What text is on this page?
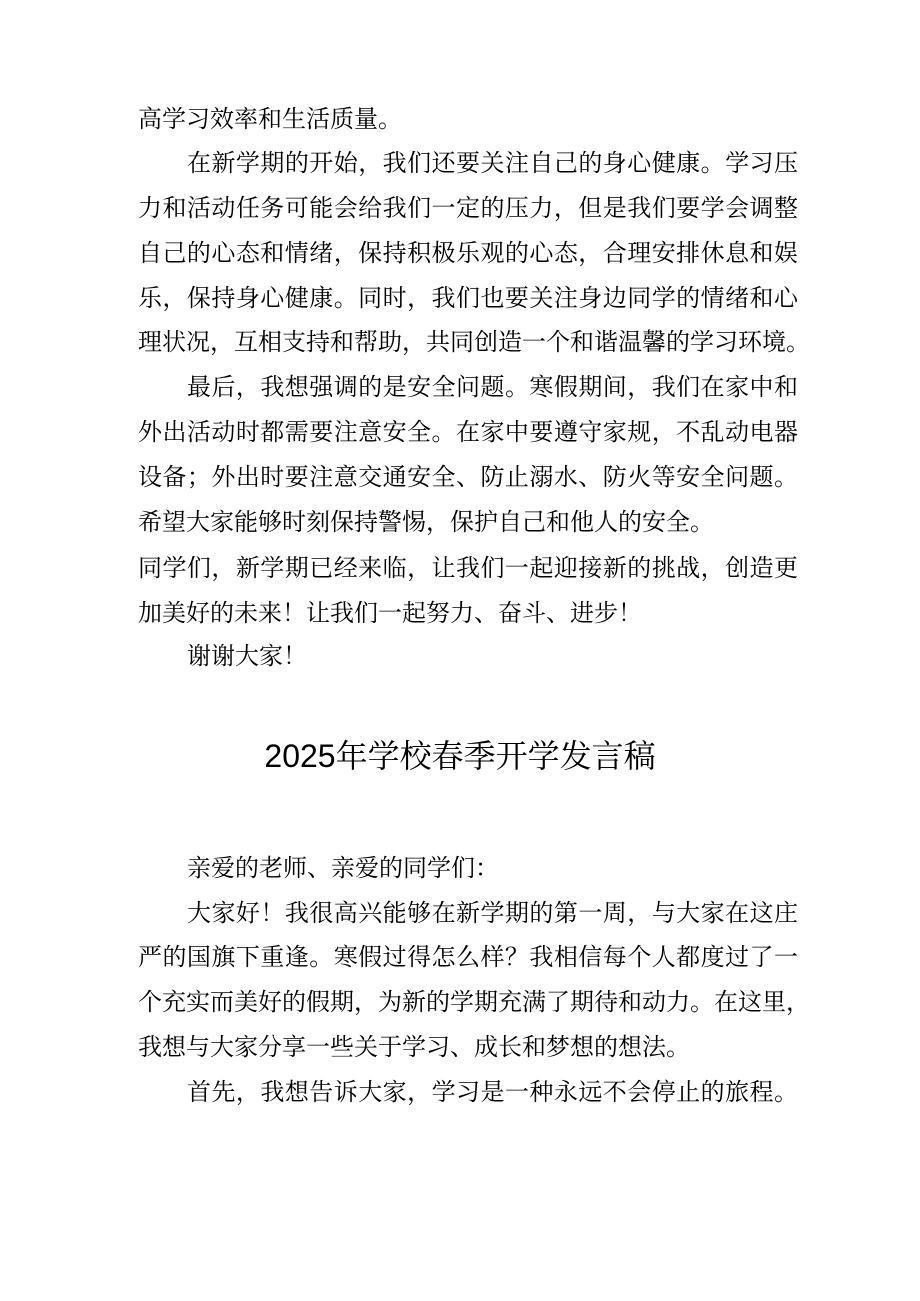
高学习效率和生活质量。
在新学期的开始，我们还要关注自己的身心健康。学习压
力和活动任务可能会给我们一定的压力，但是我们要学会调整
自己的心态和情绪，保持积极乐观的心态，合理安排休息和娱
乐，保持身心健康。同时，我们也要关注身边同学的情绪和心
理状况，互相支持和帮助，共同创造一个和谐温馨的学习环境。
最后，我想强调的是安全问题。寒假期间，我们在家中和
外出活动时都需要注意安全。在家中要遵守家规，不乱动电器
设备；外出时要注意交通安全、防止溺水、防火等安全问题。
希望大家能够时刻保持警惕，保护自己和他人的安全。
同学们，新学期已经来临，让我们一起迎接新的挑战，创造更
加美好的未来！让我们一起努力、奋斗、进步！
谢谢大家！
2025年学校春季开学发言稿
亲爱的老师、亲爱的同学们：
大家好！我很高兴能够在新学期的第一周，与大家在这庄
严的国旗下重逢。寒假过得怎么样？我相信每个人都度过了一
个充实而美好的假期，为新的学期充满了期待和动力。在这里，
我想与大家分享一些关于学习、成长和梦想的想法。
首先，我想告诉大家，学习是一种永远不会停止的旅程。
